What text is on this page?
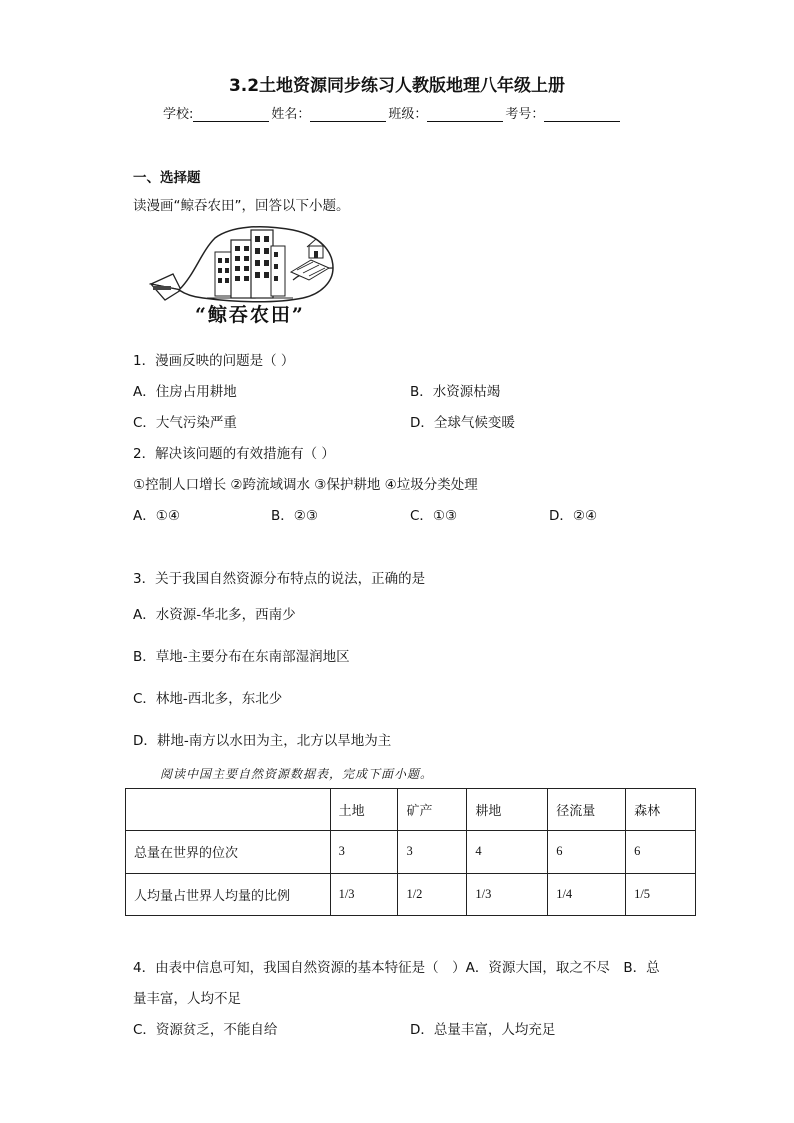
3.2土地资源同步练习人教版地理八年级上册
学校:	姓名：	班级：	考号：
一、选择题
读漫画“鲸吞农田”，回答以下小题。
“鲸吞农田”
1．漫画反映的问题是（ ）
A．住房占用耕地	B．水资源枯竭
C．大气污染严重	D．全球气候变暖
2．解决该问题的有效措施有（ ）
①控制人口增长 ②跨流域调水 ③保护耕地 ④垃圾分类处理
A．①④	B．②③	C．①③	D．②④
3．关于我国自然资源分布特点的说法，正确的是
A．水资源-华北多，西南少
B．草地-主要分布在东南部湿润地区
C．林地-西北多，东北少
D．耕地-南方以水田为主，北方以旱地为主
阅读中国主要自然资源数据表，完成下面小题。
	土地	矿产	耕地	径流量	森林
总量在世界的位次	3	3	4	6	6
人均量占世界人均量的比例	1/3	1/2	1/3	1/4	1/5
4．由表中信息可知，我国自然资源的基本特征是（　）A．资源大国，取之不尽　B．总
量丰富，人均不足
C．资源贫乏，不能自给	D．总量丰富，人均充足
